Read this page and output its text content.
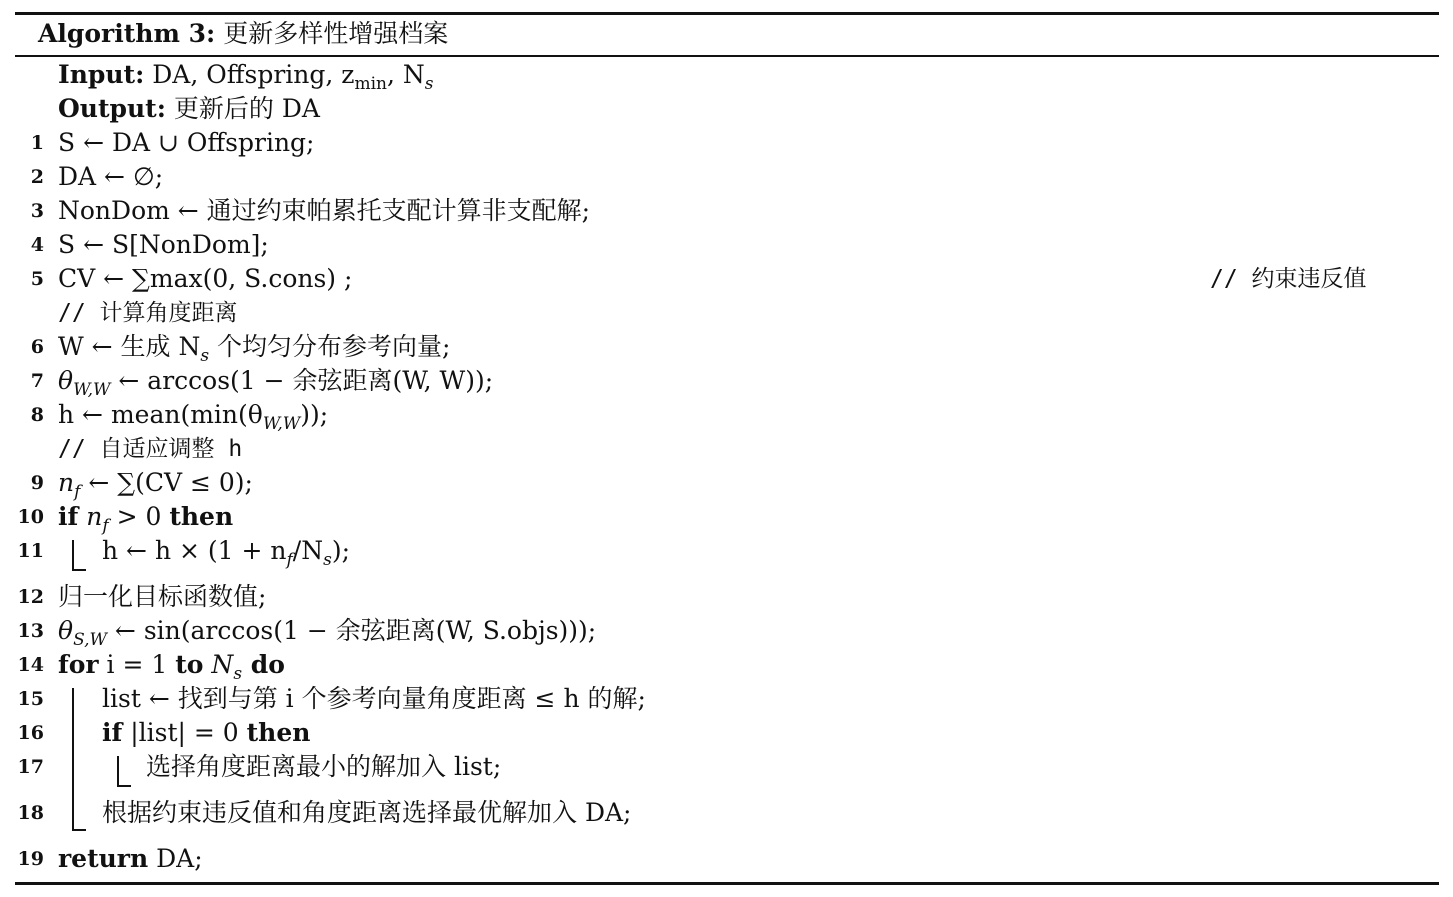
Algorithm 3: 更新多样性增强档案
Input: DA, Offspring, $z_{min}$, $N_s$
Output: 更新后的 DA
1 S ← DA ∪ Offspring;
2 DA ← ∅;
3 NonDom ← 通过约束帕累托支配计算非支配解;
4 S ← S[NonDom];
5 CV ← ∑max(0, S.cons) ;	// 约束违反值
// 计算角度距离
6 W ← 生成 $N_s$ 个均匀分布参考向量;
7 $\theta_{W,W}$ ← arccos(1 − 余弦距离(W, W));
8 h ← $mean(\min(\theta_{W,W}))$;
// 自适应调整 h
9 $n_f$ ← ∑(CV ≤ 0);
10 if $n_f > 0$ then
11 h ← $h \times (1 + n_f/N_s)$;
12 归一化目标函数值;
13 $\theta_{S,W}$ ← sin(arccos(1 − 余弦距离(W, S.objs)));
14 for i = 1 to $N_s$ do
15 list ← 找到与第 i 个参考向量角度距离 ≤ h 的解;
16 if |list| = 0 then
17	选择角度距离最小的解加入 list;
18 根据约束违反值和角度距离选择最优解加入 DA;
19 return DA;
